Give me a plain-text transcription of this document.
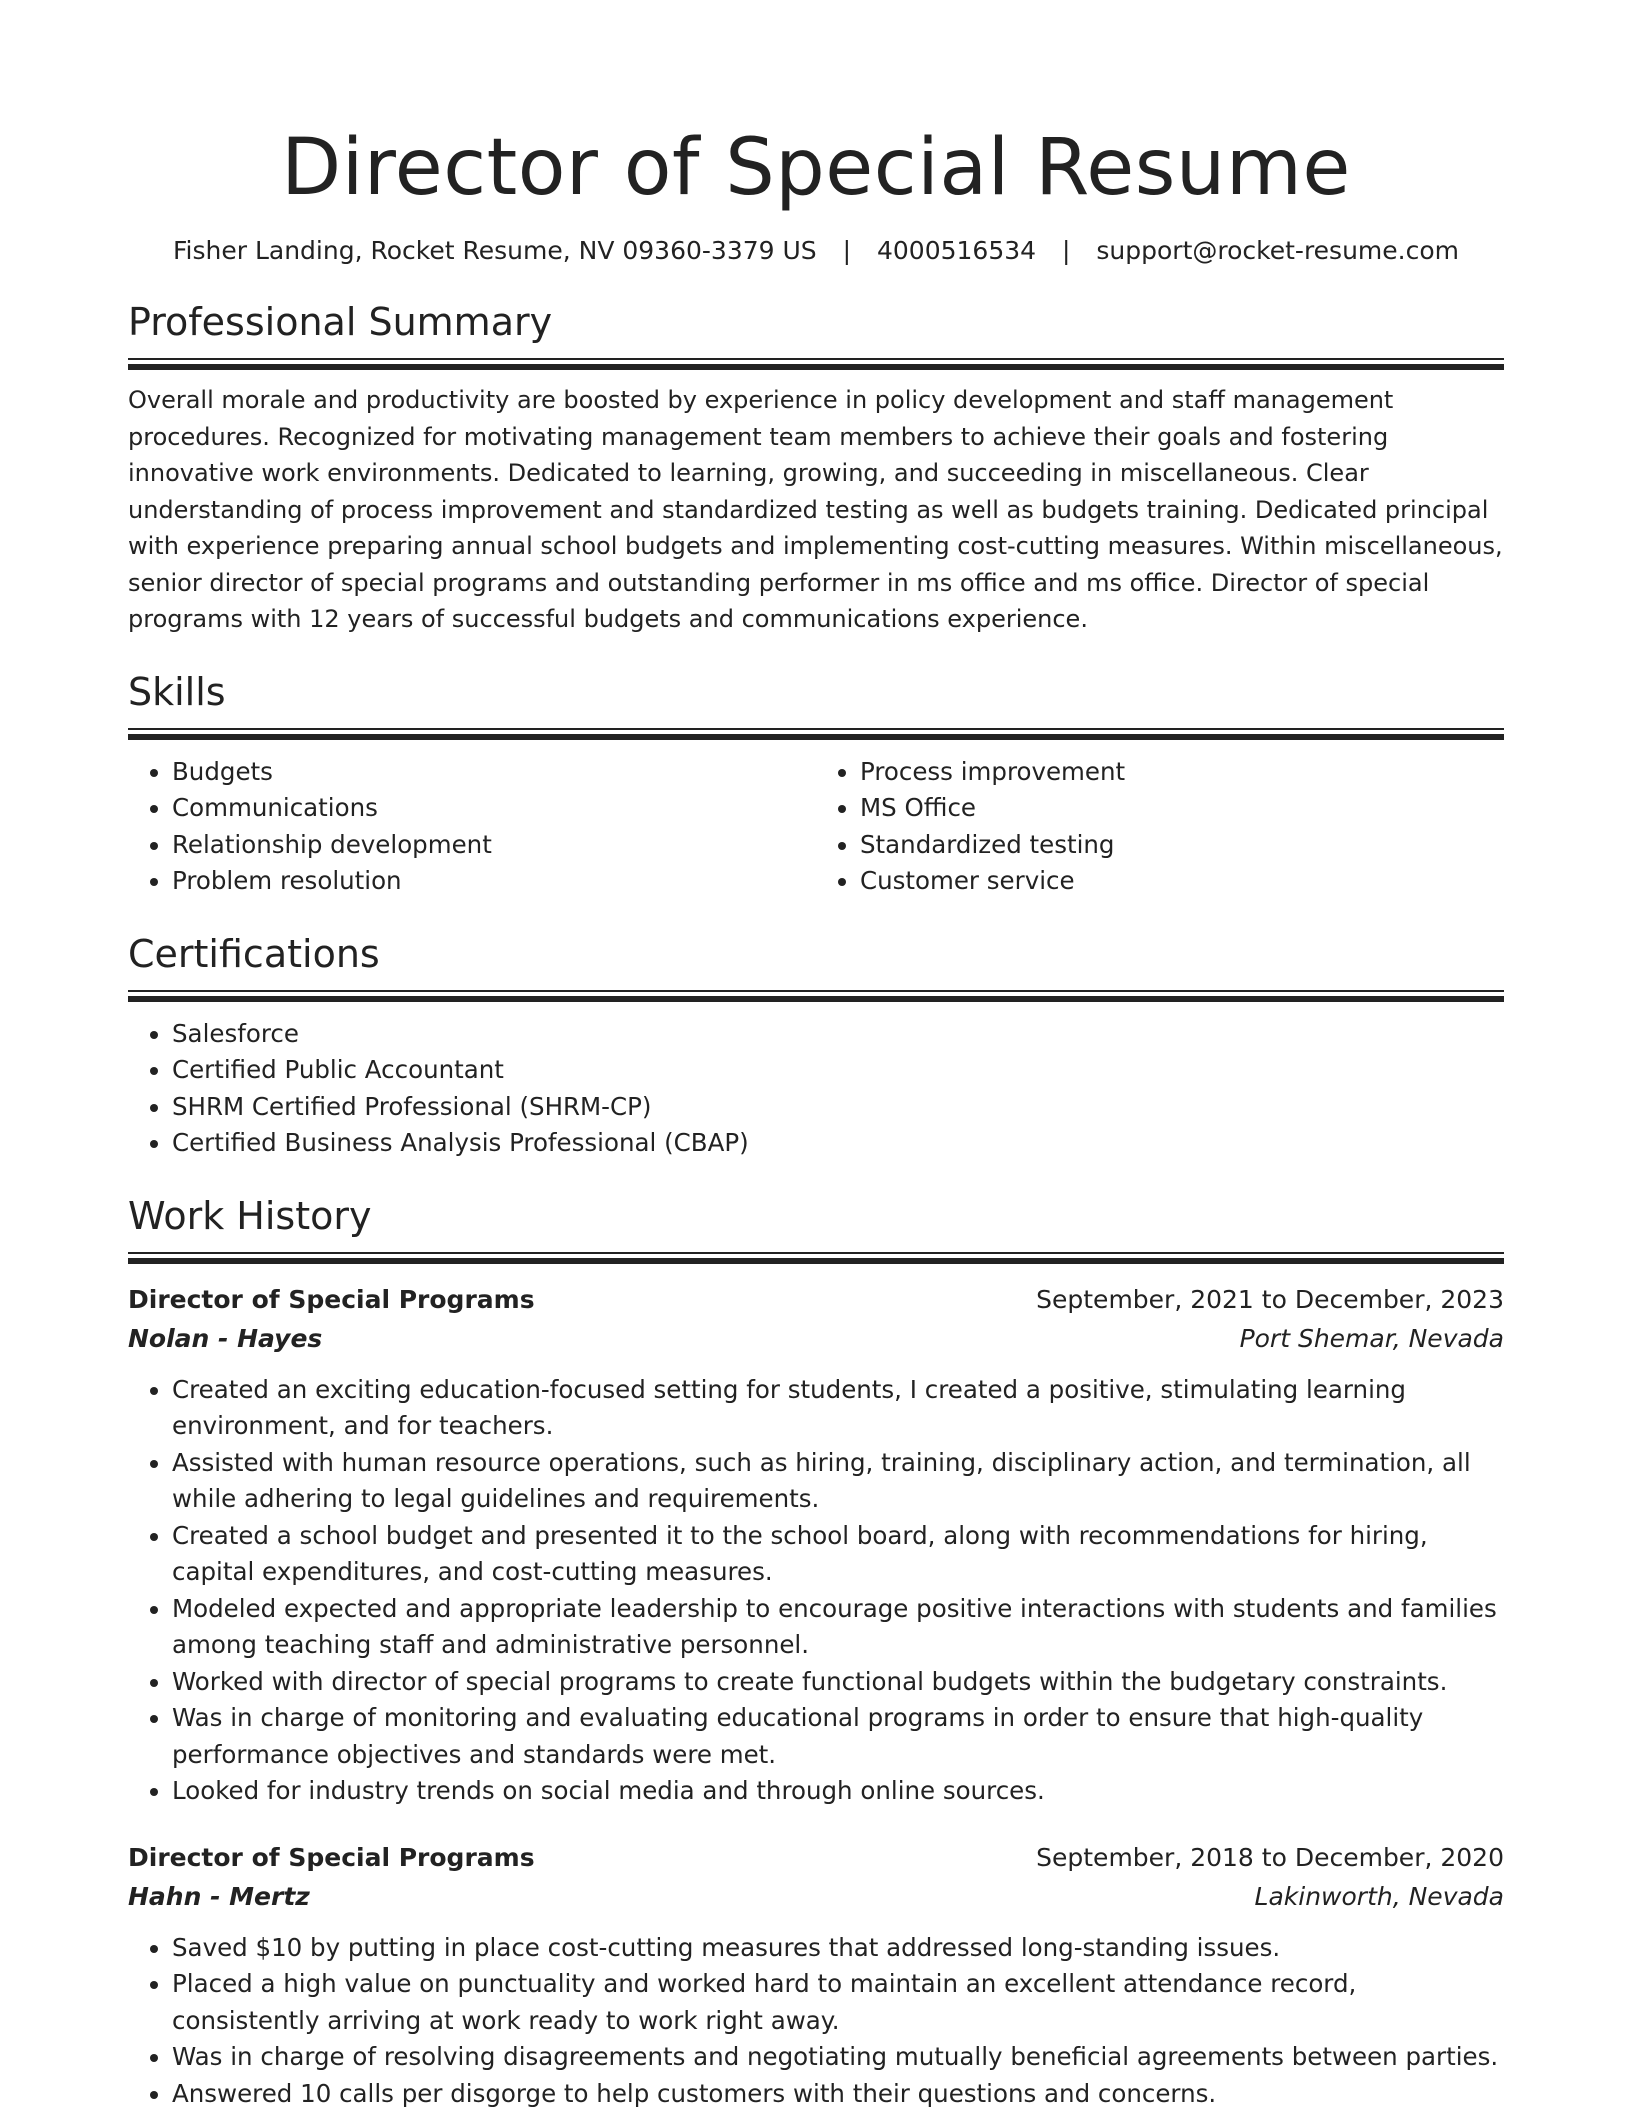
Director of Special Resume
Fisher Landing, Rocket Resume, NV 09360-3379 US | 4000516534 | support@rocket-resume.com
Professional Summary

Overall morale and productivity are boosted by experience in policy development and staff management procedures. Recognized for motivating management team members to achieve their goals and fostering innovative work environments. Dedicated to learning, growing, and succeeding in miscellaneous. Clear understanding of process improvement and standardized testing as well as budgets training. Dedicated principal with experience preparing annual school budgets and implementing cost-cutting measures. Within miscellaneous, senior director of special programs and outstanding performer in ms office and ms office. Director of special programs with 12 years of successful budgets and communications experience.

Skills
• Budgets
• Communications
• Relationship development
• Problem resolution
• Process improvement
• MS Office
• Standardized testing
• Customer service
Certifications
• Salesforce
• Certified Public Accountant
• SHRM Certified Professional (SHRM-CP)
• Certified Business Analysis Professional (CBAP)
Work History
Director of Special Programs	September, 2021 to December, 2023
Nolan - Hayes	Port Shemar, Nevada
• Created an exciting education-focused setting for students, I created a positive, stimulating learning environment, and for teachers.
• Assisted with human resource operations, such as hiring, training, disciplinary action, and termination, all while adhering to legal guidelines and requirements.
• Created a school budget and presented it to the school board, along with recommendations for hiring, capital expenditures, and cost-cutting measures.
• Modeled expected and appropriate leadership to encourage positive interactions with students and families among teaching staff and administrative personnel.
• Worked with director of special programs to create functional budgets within the budgetary constraints.
• Was in charge of monitoring and evaluating educational programs in order to ensure that high-quality performance objectives and standards were met.
• Looked for industry trends on social media and through online sources.
Director of Special Programs	September, 2018 to December, 2020
Hahn - Mertz	Lakinworth, Nevada
• Saved $10 by putting in place cost-cutting measures that addressed long-standing issues.
• Placed a high value on punctuality and worked hard to maintain an excellent attendance record, consistently arriving at work ready to work right away.
• Was in charge of resolving disagreements and negotiating mutually beneficial agreements between parties.
• Answered 10 calls per disgorge to help customers with their questions and concerns.
